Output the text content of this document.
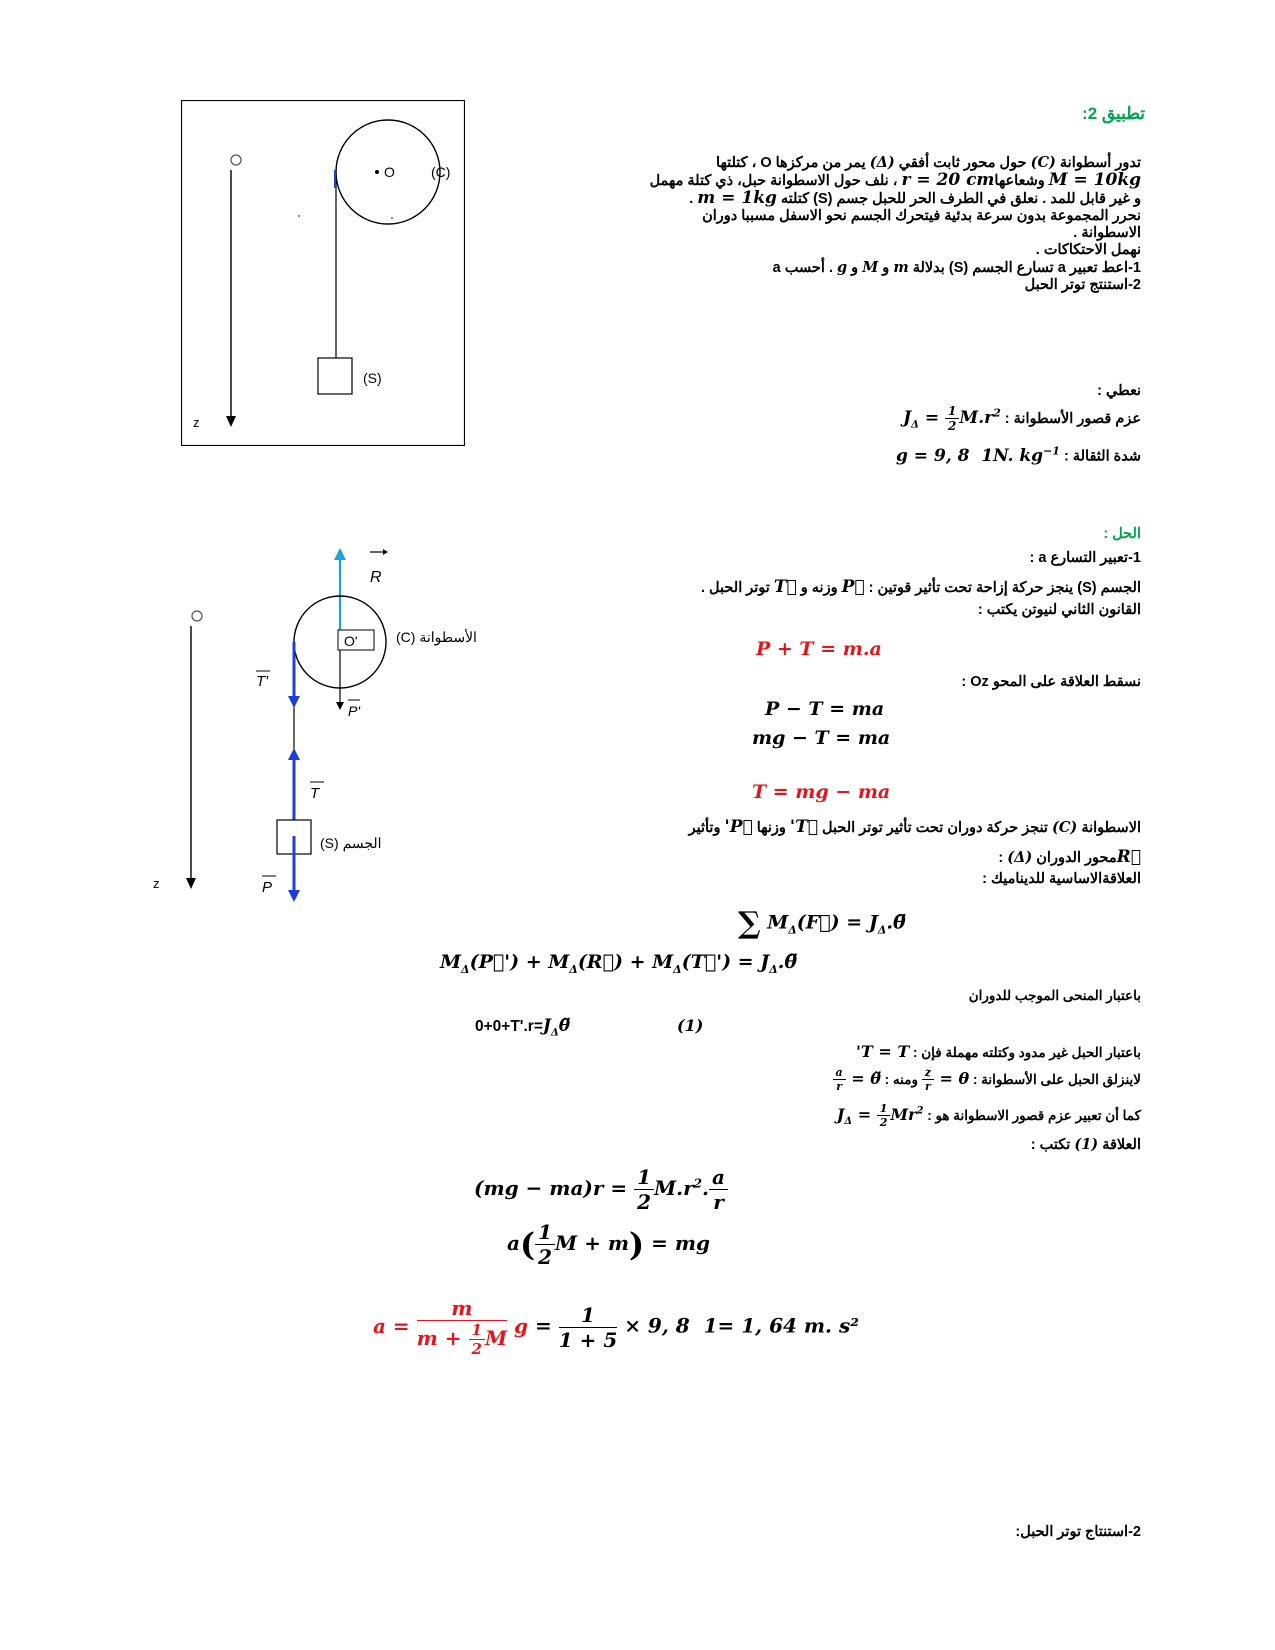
تطبيق 2:
تدور أسطوانة (C) حول محور ثابت أفقي (Δ) يمر من مركزها O ، كتلتها
M = 10kg وشعاعهاr = 20 cm ، نلف حول الاسطوانة حبل، ذي كتلة مهمل
و غير قابل للمد . نعلق في الطرف الحر للحبل جسم (S) كتلته m = 1kg .
نحرر المجموعة بدون سرعة بدئية فيتحرك الجسم نحو الاسفل مسببا دوران
الاسطوانة .
نهمل الاحتكاكات .
1-اعط تعبير a تسارع الجسم (S) بدلالة m و M و g . أحسب a
2-استنتج توتر الحبل
نعطي :
عزم قصور الأسطوانة : $J_\Delta = \frac{1}{2} M.r^2$
شدة الثقالة : g = 9, 8  1N. $kg^{-1}$
z
O	(C)
(S)
z
R
O'	(C) الأسطوانة
P'
T'
T
(S) الجسم
P
الحل :
1-تعبير التسارع a :
الجسم (S) ينجز حركة إزاحة تحت تأثير قوتين : P⃗ وزنه و T⃗ توتر الحبل .
القانون الثاني لنيوتن يكتب :
P + T = m.a
نسقط العلاقة على المحو Oz :
P − T = ma
mg − T = ma
T = mg − ma
الاسطوانة (C) تنجز حركة دوران تحت تأثير توتر الحبل T⃗' وزنها P⃗' وتأثير
R⃗محور الدوران (Δ) :
العلاقةالاساسية للديناميك :
∑ $M_\Delta(F⃗)$ = $J_\Delta.\thetä$
$M_\Delta(P⃗')$ + $M_\Delta(R⃗)$ + $M_\Delta(T⃗')$ = $J_\Delta.\thetä$
باعتبار المنحى الموجب للدوران
$0+0+T'.r=J_\Delta\thetä$	(1)
باعتبار الحبل غير مدود وكتلته مهملة فإن : T = T'
لاينزلق الحبل على الأسطوانة : θ =
$\frac{z}{r}$
ومنه : θ̈ =
$\frac{a}{r}$
كما أن تعبير عزم قصور الاسطوانة هو : $J_\Delta = \frac{1}{2} Mr^2$
العلاقة (1) تكتب :
$(mg - ma)r = \frac{1}{2} M.r^2$. $\frac{a}{r}$
$a( \frac{1}{2}$ M + m) = mg
$a = \frac{m}{m + \frac{1}{2} M}$ $g = \frac{1}{1 + 5} \times 9$, 8  1= 1, 64 m. s²
2-استنتاج توتر الحبل:
